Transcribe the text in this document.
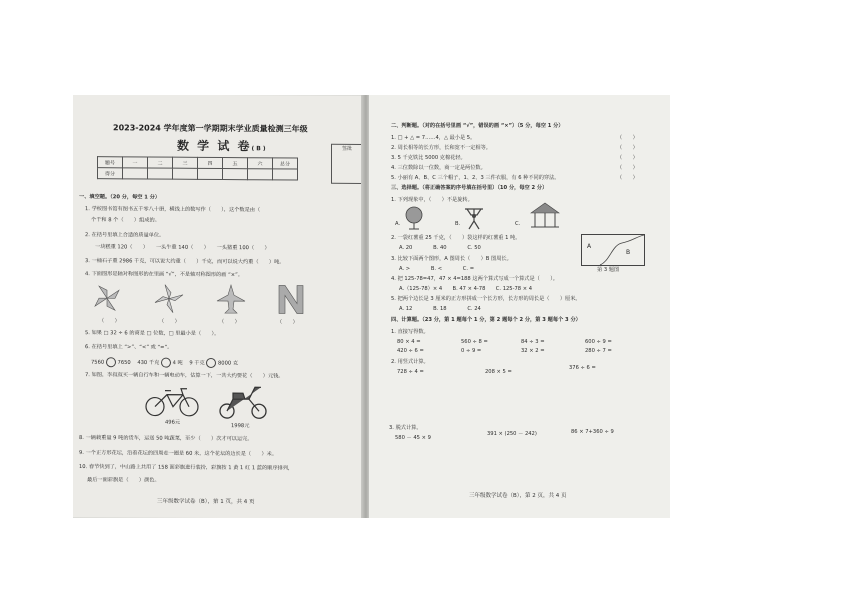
2023-2024 学年度第一学期期末学业质量检测三年级
数 学 试 卷(B)
题号	一	二	三	四	五	六	总分
得分							
签批
一、填空题。（20 分，每空 1 分）
1. 学校图书馆有图书五千零八十册，横线上的数写作（　　），这个数是由（
个千和 8 个（　　）组成的。
2. 在括号里填上合适的质量单位。
一块糕重 120（　　）　　一头牛重 140（　　）　　一头猪重 100（　　）
3. 一桶石子重 2986 千克，可以说大约重（　　）千克，而可以说大约重（　　）吨。
4. 下面图形是轴对称图形的在里画 “√”，不是轴对称图形的画 “×”。
（　　）	（　　）	（　　）	（　　）
5. 如果 □ 32 ÷ 6 的商是 □ 位数，□ 里最小是（　　）。
6. 在括号里填上 “>”、“<” 或 “=”。
7560	7650 430 千克	4 吨 9 千克	8000 克
7. 如图，李叔叔买一辆自行车和一辆电动车，估算一下，一共大约要花（　　）元钱。
496元
1998元
8. 一辆载重量 9 吨的货车，运送 50 吨蔬菜，至少（　　）次才可以运完。
9. 一个正方形花坛，沿着花坛的四周走一圈是 60 米，这个花坛的边长是（　　）米。
10. 春节快到了，中山路上共用了 158 面彩旗进行装扮，彩旗按 1 黄 1 红 1 蓝的顺序排列，
最后一面彩旗是（　　）颜色。
三年级数学试卷（B），第 1 页，共 4 页
二、判断题。（对的在括号里画 “√”，错误的画 “×”）（5 分，每空 1 分）
1. □ + △ = 7……4，△ 最小是 5。
2. 周长相等的长方形，长和宽不一定相等。
3. 5 千克铁比 5000 克棉花轻。
4. 三位数除以一位数，商一定是两位数。
5. 小丽有 A、B、C 三个帽子，1、2、3 三件衣服，有 6 种不同的穿法。
（　　）
（　　）
（　　）
（　　）
（　　）
三、选择题。（将正确答案的序号填在括号里）（10 分，每空 2 分）
1. 下列现象中，（　　）不是旋转。
A.	B.	C.
2. 一袋红薯重 25 千克，（　　）袋这样的红薯重 1 吨。
A. 20　　　　B. 40　　　　C. 50
3. 比较下面两个图形，A 图周长（　　）B 图周长。
A. >　　　　B. <　　　　C. =
A
B
第 3 题图
4. 把 125-78=47，47 × 4=188 这两个算式写成一个算式是（　　）。
A.（125-78）× 4　　B. 47 × 4-78　　C. 125-78 × 4
5. 把两个边长是 3 厘米的正方形拼成一个长方形，长方形的周长是（　　）厘米。
A. 12　　　　B. 18　　　　C. 24
四、计算题。（23 分，第 1 题每个 1 分，第 2 题每个 2 分，第 3 题每个 3 分）
1. 直接写得数。
80 × 4 =	560 ÷ 8 =	84 ÷ 3 =	600 ÷ 9 =
420 ÷ 6 =	0 ÷ 9 =	32 × 2 =	280 ÷ 7 =
2. 用竖式计算。
728 ÷ 4 =	208 × 5 =
376 ÷ 6 =
3. 脱式计算。
580 － 45 × 9
391 × (250 － 242)	86 × 7+360 ÷ 9
三年级数学试卷（B），第 2 页，共 4 页
